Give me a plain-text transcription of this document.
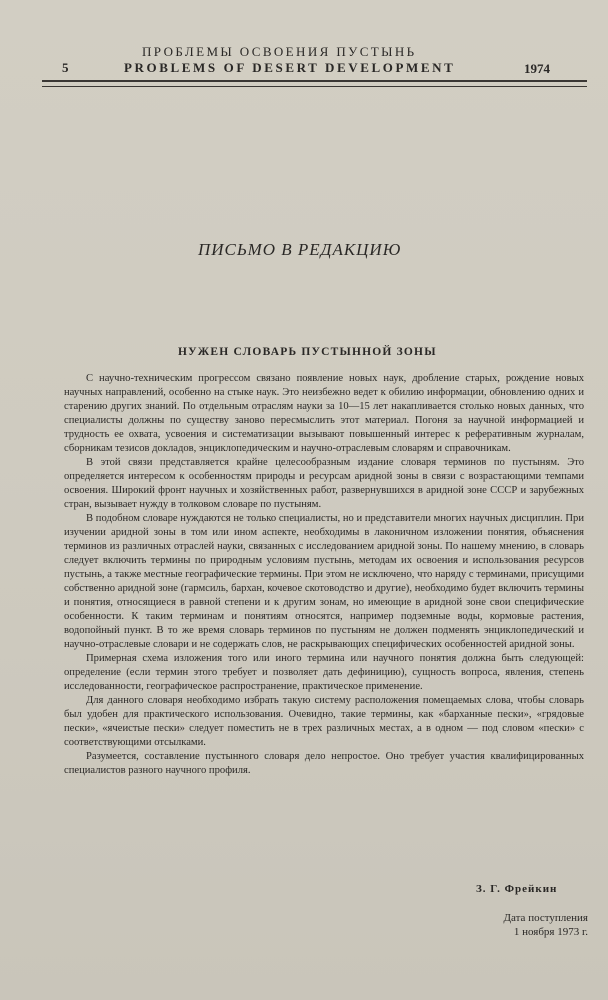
ПРОБЛЕМЫ ОСВОЕНИЯ ПУСТЫНЬ
5	PROBLEMS OF DESERT DEVELOPMENT	1974
ПИСЬМО В РЕДАКЦИЮ
НУЖЕН СЛОВАРЬ ПУСТЫННОЙ ЗОНЫ

С научно-техническим прогрессом связано появление новых наук, дробление старых, рождение новых научных направлений, особенно на стыке наук. Это неизбежно ведет к обилию информации, обновлению одних и старению других знаний. По отдельным отраслям науки за 10—15 лет накапливается столько новых данных, что специалисты должны по существу заново пересмыслить этот материал. Погоня за научной информацией и трудность ее охвата, усвоения и систематизации вызывают повышенный интерес к реферативным журналам, сборникам тезисов докладов, энциклопедическим и научно-отраслевым словарям и справочникам.

В этой связи представляется крайне целесообразным издание словаря терминов по пустыням. Это определяется интересом к особенностям природы и ресурсам аридной зоны в связи с возрастающими темпами освоения. Широкий фронт научных и хозяйственных работ, развернувшихся в аридной зоне СССР и зарубежных стран, вызывает нужду в толковом словаре по пустыням.

В подобном словаре нуждаются не только специалисты, но и представители многих научных дисциплин. При изучении аридной зоны в том или ином аспекте, необходимы в лаконичном изложении понятия, объяснения терминов из различных отраслей науки, связанных с исследованием аридной зоны. По нашему мнению, в словарь следует включить термины по природным условиям пустынь, методам их освоения и использования ресурсов пустынь, а также местные географические термины. При этом не исключено, что наряду с терминами, присущими собственно аридной зоне (гармсиль, бархан, кочевое скотоводство и другие), необходимо будет включить термины и понятия, относящиеся в равной степени и к другим зонам, но имеющие в аридной зоне свои специфические особенности. К таким терминам и понятиям относятся, например подземные воды, кормовые растения, водопойный пункт. В то же время словарь терминов по пустыням не должен подменять энциклопедический и научно-отраслевые словари и не содержать слов, не раскрывающих специфических особенностей аридной зоны.

Примерная схема изложения того или иного термина или научного понятия должна быть следующей: определение (если термин этого требует и позволяет дать дефиницию), сущность вопроса, явления, степень исследованности, географическое распространение, практическое применение.

Для данного словаря необходимо избрать такую систему расположения помещаемых слова, чтобы словарь был удобен для практического использования. Очевидно, такие термины, как «барханные пески», «грядовые пески», «ячеистые пески» следует поместить не в трех различных местах, а в одном — под словом «пески» с соответствующими отсылками.

Разумеется, составление пустынного словаря дело непростое. Оно требует участия квалифицированных специалистов разного научного профиля.

З. Г. Фрейкин
Дата поступления
1 ноября 1973 г.
